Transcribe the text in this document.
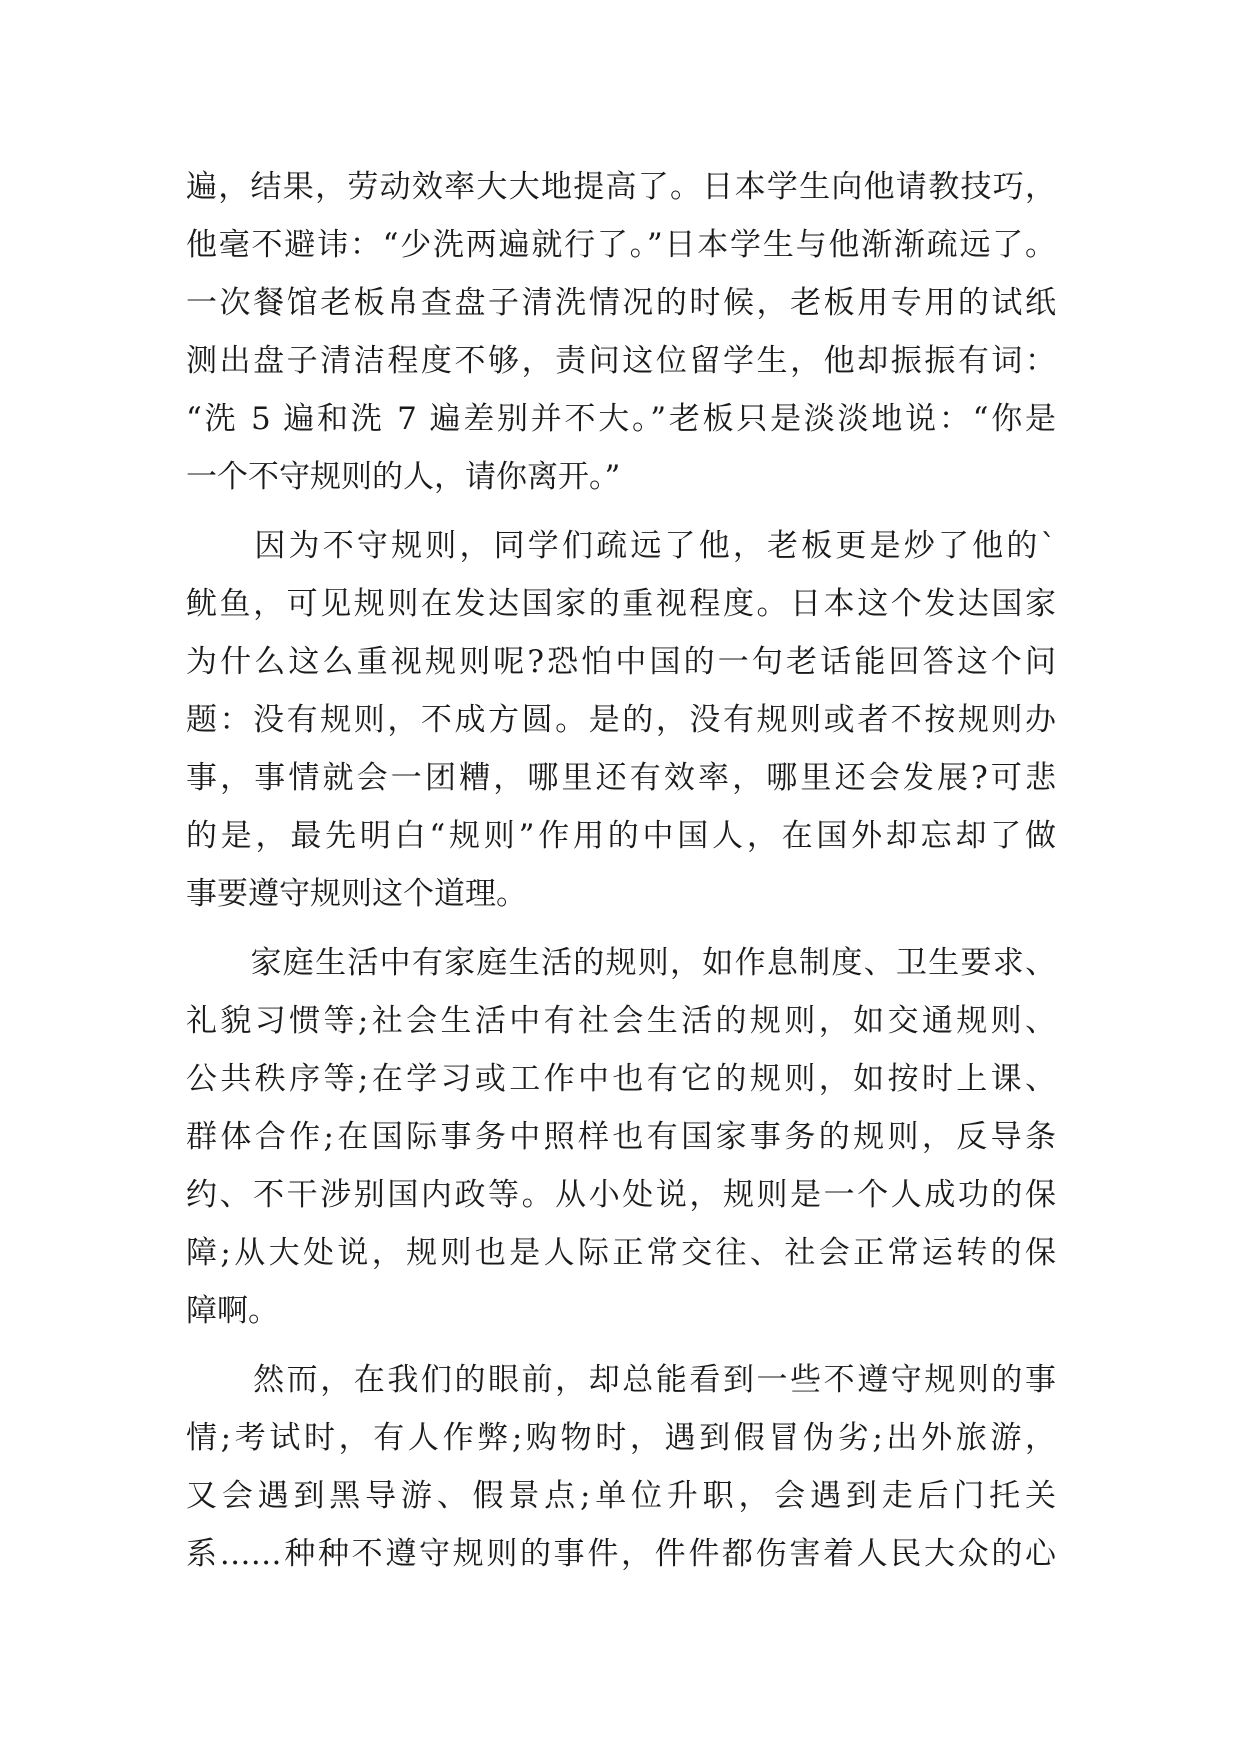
遍，结果，劳动效率大大地提高了。日本学生向他请教技巧，
他毫不避讳：“少洗两遍就行了。”日本学生与他渐渐疏远了。
一次餐馆老板帛查盘子清洗情况的时候，老板用专用的试纸
测出盘子清洁程度不够，责问这位留学生，他却振振有词：
“洗 5 遍和洗 7 遍差别并不大。”老板只是淡淡地说：“你是
一个不守规则的人，请你离开。”
　　因为不守规则，同学们疏远了他，老板更是炒了他的`
鱿鱼，可见规则在发达国家的重视程度。日本这个发达国家
为什么这么重视规则呢?恐怕中国的一句老话能回答这个问
题：没有规则，不成方圆。是的，没有规则或者不按规则办
事，事情就会一团糟，哪里还有效率，哪里还会发展?可悲
的是，最先明白“规则”作用的中国人，在国外却忘却了做
事要遵守规则这个道理。
　　家庭生活中有家庭生活的规则，如作息制度、卫生要求、
礼貌习惯等;社会生活中有社会生活的规则，如交通规则、
公共秩序等;在学习或工作中也有它的规则，如按时上课、
群体合作;在国际事务中照样也有国家事务的规则，反导条
约、不干涉别国内政等。从小处说，规则是一个人成功的保
障;从大处说，规则也是人际正常交往、社会正常运转的保
障啊。
　　然而，在我们的眼前，却总能看到一些不遵守规则的事
情;考试时，有人作弊;购物时，遇到假冒伪劣;出外旅游，
又会遇到黑导游、假景点;单位升职，会遇到走后门托关
系……种种不遵守规则的事件，件件都伤害着人民大众的心
